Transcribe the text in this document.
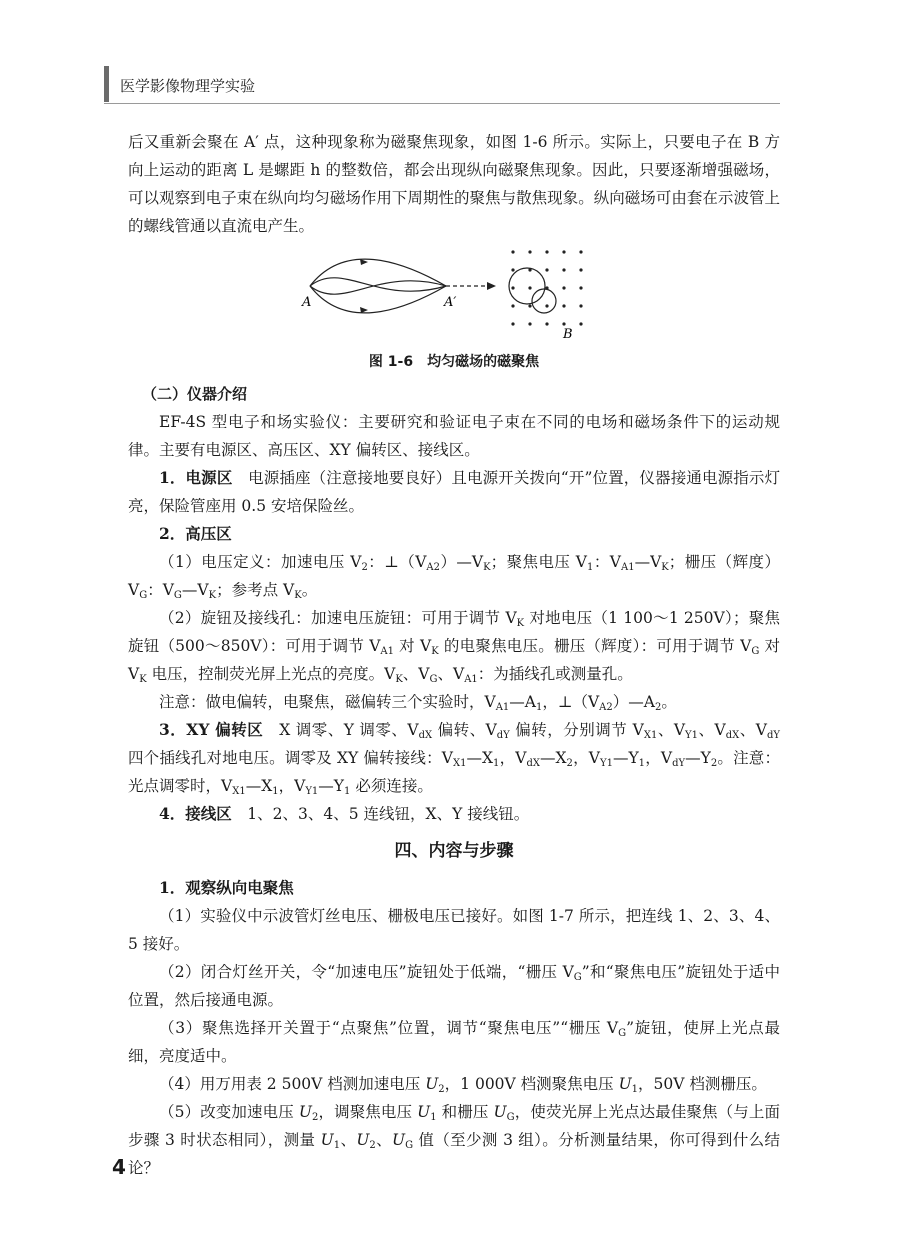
医学影像物理学实验

后又重新会聚在 A′ 点，这种现象称为磁聚焦现象，如图 1-6 所示。实际上，只要电子在 B 方向上运动的距离 L 是螺距 h 的整数倍，都会出现纵向磁聚焦现象。因此，只要逐渐增强磁场，可以观察到电子束在纵向均匀磁场作用下周期性的聚焦与散焦现象。纵向磁场可由套在示波管上的螺线管通以直流电产生。

A	A′
B
图 1-6　均匀磁场的磁聚焦
（二）仪器介绍

EF-4S 型电子和场实验仪：主要研究和验证电子束在不同的电场和磁场条件下的运动规律。主要有电源区、高压区、XY 偏转区、接线区。

1．电源区　电源插座（注意接地要良好）且电源开关拨向“开”位置，仪器接通电源指示灯亮，保险管座用 0.5 安培保险丝。

2．高压区

（1）电压定义：加速电压 $V_2$：$\perp(V_{A2})—V_K$；聚焦电压 $V_1$：$V_{A1}—V_K$；栅压（辉度）$V_G$：$V_G—V_K$；参考点 $V_K$。

（2）旋钮及接线孔：加速电压旋钮：可用于调节 $V_K$ 对地电压（1 100～1 250V）；聚焦旋钮（500～850V）：可用于调节 $V_{A1}$ 对 $V_K$ 的电聚焦电压。栅压（辉度）：可用于调节 $V_G$ 对 $V_K$ 电压，控制荧光屏上光点的亮度。$V_K$、$V_G$、$V_{A1}$：为插线孔或测量孔。

注意：做电偏转，电聚焦，磁偏转三个实验时，$V_{A1}—A_1$，$\perp(V_{A2})—A_2$。

3．XY 偏转区　X 调零、Y 调零、$V_{dX}$ 偏转、$V_{dY}$ 偏转，分别调节 $V_{X1}$、$V_{Y1}$、$V_{dX}$、$V_{dY}$ 四个插线孔对地电压。调零及 XY 偏转接线：$V_{X1}—X_1$，$V_{dX}—X_2$，$V_{Y1}—Y_1$，$V_{dY}—Y_2$。注意：光点调零时，$V_{X1}—X_1$，$V_{Y1}—Y_1$ 必须连接。

4．接线区　1、2、3、4、5 连线钮，X、Y 接线钮。

四、内容与步骤

1．观察纵向电聚焦

（1）实验仪中示波管灯丝电压、栅极电压已接好。如图 1-7 所示，把连线 1、2、3、4、5 接好。

（2）闭合灯丝开关，令“加速电压”旋钮处于低端，“栅压 $V_G$”和“聚焦电压”旋钮处于适中位置，然后接通电源。

（3）聚焦选择开关置于“点聚焦”位置，调节“聚焦电压”“栅压 $V_G$”旋钮，使屏上光点最细，亮度适中。

（4）用万用表 2 500V 档测加速电压 $U_2$，1 000V 档测聚焦电压 $U_1$，50V 档测栅压。

（5）改变加速电压 $U_2$，调聚焦电压 $U_1$ 和栅压 $U_G$，使荧光屏上光点达最佳聚焦（与上面步骤 3 时状态相同），测量 $U_1$、$U_2$、$U_G$ 值（至少测 3 组）。分析测量结果，你可得到什么结论？

4
